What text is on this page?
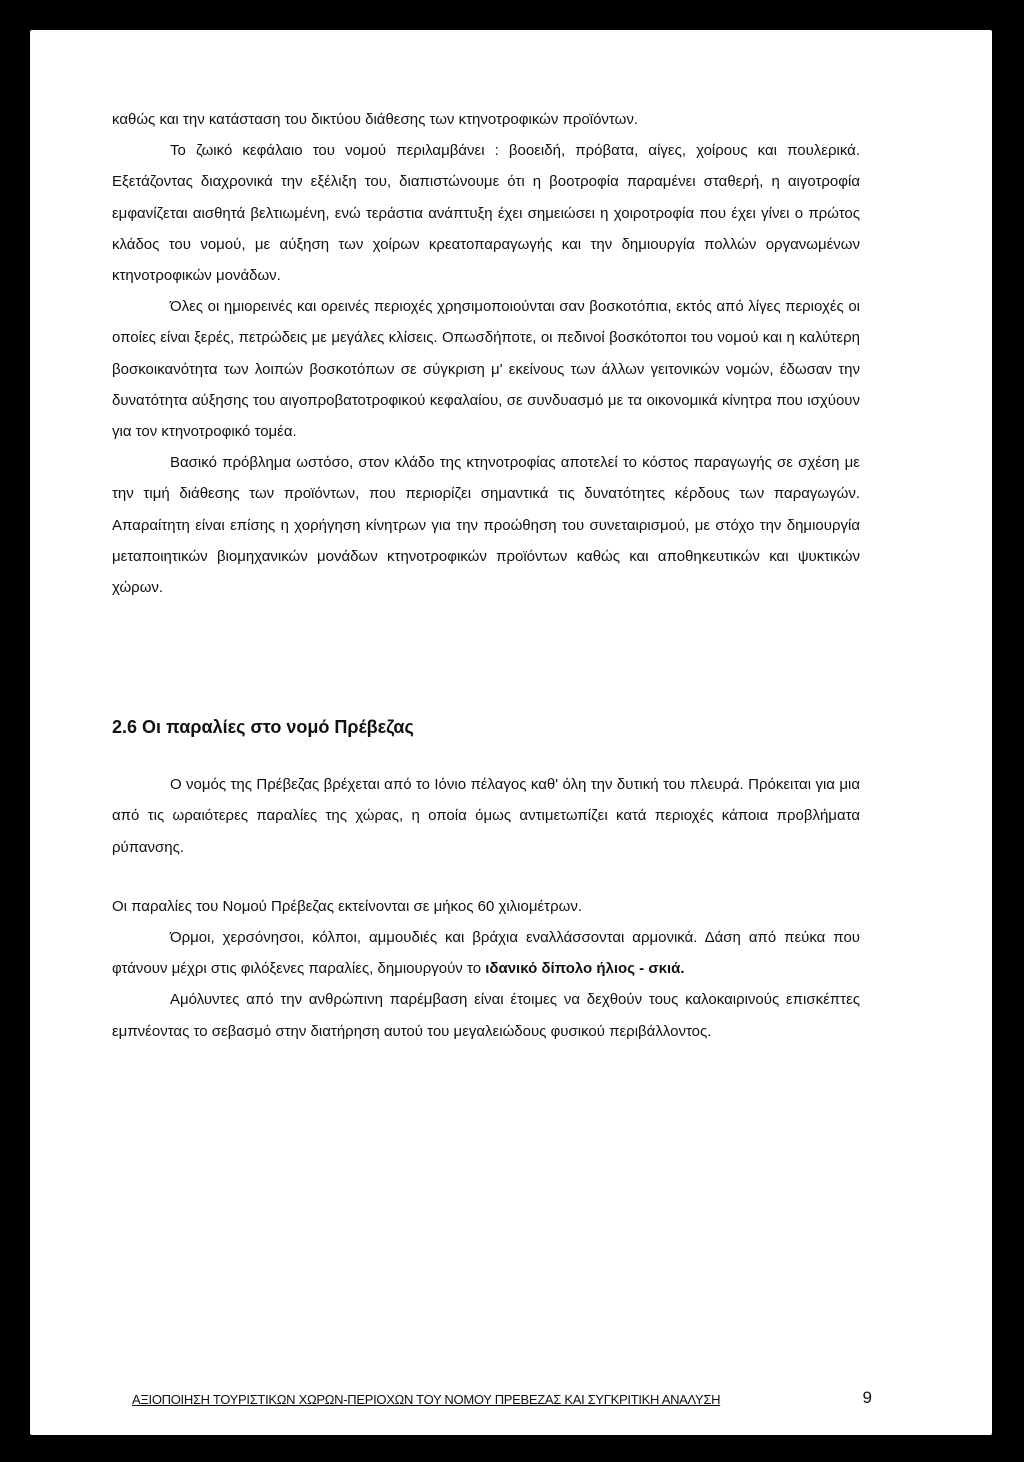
καθώς και την κατάσταση του δικτύου διάθεσης των κτηνοτροφικών προϊόντων.

Το ζωικό κεφάλαιο του νομού περιλαμβάνει : βοοειδή, πρόβατα, αίγες, χοίρους και πουλερικά. Εξετάζοντας διαχρονικά την εξέλιξη του, διαπιστώνουμε ότι η βοοτροφία παραμένει σταθερή, η αιγοτροφία εμφανίζεται αισθητά βελτιωμένη, ενώ τεράστια ανάπτυξη έχει σημειώσει η χοιροτροφία που έχει γίνει ο πρώτος κλάδος του νομού, με αύξηση των χοίρων κρεατοπαραγωγής και την δημιουργία πολλών οργανωμένων κτηνοτροφικών μονάδων.

Όλες οι ημιορεινές και ορεινές περιοχές χρησιμοποιούνται σαν βοσκοτόπια, εκτός από λίγες περιοχές οι οποίες είναι ξερές, πετρώδεις με μεγάλες κλίσεις. Οπωσδήποτε, οι πεδινοί βοσκότοποι του νομού και η καλύτερη βοσκοικανότητα των λοιπών βοσκοτόπων σε σύγκριση μ' εκείνους των άλλων γειτονικών νομών, έδωσαν την δυνατότητα αύξησης του αιγοπροβατοτροφικού κεφαλαίου, σε συνδυασμό με τα οικονομικά κίνητρα που ισχύουν για τον κτηνοτροφικό τομέα.

Βασικό πρόβλημα ωστόσο, στον κλάδο της κτηνοτροφίας αποτελεί το κόστος παραγωγής σε σχέση με την τιμή διάθεσης των προϊόντων, που περιορίζει σημαντικά τις δυνατότητες κέρδους των παραγωγών. Απαραίτητη είναι επίσης η χορήγηση κίνητρων για την προώθηση του συνεταιρισμού, με στόχο την δημιουργία μεταποιητικών βιομηχανικών μονάδων κτηνοτροφικών προϊόντων καθώς και αποθηκευτικών και ψυκτικών χώρων.

2.6 Οι παραλίες στο νομό Πρέβεζας

Ο νομός της Πρέβεζας βρέχεται από το Ιόνιο πέλαγος καθ' όλη την δυτική του πλευρά. Πρόκειται για μια από τις ωραιότερες παραλίες της χώρας, η οποία όμως αντιμετωπίζει κατά περιοχές κάποια προβλήματα ρύπανσης.

Οι παραλίες του Νομού Πρέβεζας εκτείνονται σε μήκος 60 χιλιομέτρων.

Όρμοι, χερσόνησοι, κόλποι, αμμουδιές και βράχια εναλλάσσονται αρμονικά. Δάση από πεύκα που φτάνουν μέχρι στις φιλόξενες παραλίες, δημιουργούν το ιδανικό δίπολο ήλιος - σκιά.

Αμόλυντες από την ανθρώπινη παρέμβαση είναι έτοιμες να δεχθούν τους καλοκαιρινούς επισκέπτες εμπνέοντας το σεβασμό στην διατήρηση αυτού του μεγαλειώδους φυσικού περιβάλλοντος.

ΑΞΙΟΠΟΙΗΣΗ ΤΟΥΡΙΣΤΙΚΩΝ ΧΩΡΩΝ-ΠΕΡΙΟΧΩΝ ΤΟΥ ΝΟΜΟΥ ΠΡΕΒΕΖΑΣ ΚΑΙ ΣΥΓΚΡΙΤΙΚΗ ΑΝΑΛΥΣΗ	9
